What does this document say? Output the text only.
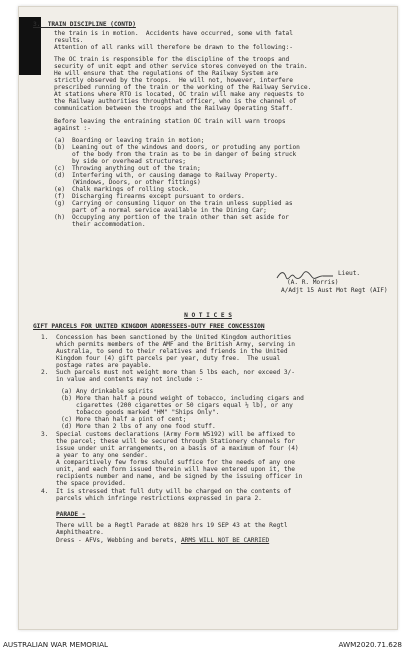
3.  TRAIN DISCIPLINE (CONTD)
the train is in motion.  Accidents have occurred, some with fatal
results.
Attention of all ranks will therefore be drawn to the following:-
The OC train is responsible for the discipline of the troops and
security of unit eqpt and other service stores conveyed on the train.
He will ensure that the regulations of the Railway System are
strictly observed by the troops.  He will not, however, interfere
prescribed running of the train or the working of the Railway Service.
At stations where RTO is located, OC train will make any requests to
the Railway authorities throughthat officer, who is the channel of
communication between the troops and the Railway Operating Staff.
Before leaving the entraining station OC train will warn troops
against :-
(a) Boarding or leaving train in motion;
(b) Leaning out of the windows and doors, or protuding any portion
of the body from the train as to be in danger of being struck
by side or overhead structures;
(c) Throwing anything out of the train;
(d) Interfering with, or causing damage to Railway Property.
(Windows, Doors, or other fittings)
(e) Chalk markings of rolling stock.
(f) Discharging firearms except pursuant to orders.
(g) Carrying or consuming liquor on the train unless supplied as
part of a normal service available in the Dining Car;
(h) Occupying any portion of the train other than set aside for
their accommodation.
Lieut.
(A. R. Morris)
A/Adjt 15 Aust Mot Regt (AIF)
N O T I C E S
GIFT PARCELS FOR UNITED KINGDOM ADDRESSEES-DUTY FREE CONCESSION
1. Concession has been sanctioned by the United Kingdom authorities
which permits members of the AMF and the British Army, serving in
Australia, to send to their relatives and friends in the United
Kingdom four (4) gift parcels per year, duty free.  The usual
postage rates are payable.
2. Such parcels must not weight more than 5 lbs each, nor exceed 3/-
in value and contents may not include :-
(a) Any drinkable spirits
(b) More than half a pound weight of tobacco, including cigars and
cigarettes (200 cigarettes or 50 cigars equal ½ lb), or any
tobacco goods marked "HM" "Ships Only".
(c) More than half a pint of cent;
(d) More than 2 lbs of any one food stuff.
3. Special customs declarations (Army Form W5192) will be affixed to
the parcel; these will be secured through Stationery channels for
issue under unit arrangements, on a basis of a maximum of four (4)
a year to any one sender.
A comparitively few forms should suffice for the needs of any one
unit, and each form issued therein will have entered upon it, the
recipients number and name, and be signed by the issuing officer in
the space provided.
4. It is stressed that full duty will be charged on the contents of
parcels which infringe restrictions expressed in para 2.
PARADE -
There will be a Regtl Parade at 0820 hrs 19 SEP 43 at the Regtl
Amphitheatre.
Dress - AFVs, Webbing and berets, ARMS WILL NOT BE CARRIED
AUSTRALIAN WAR MEMORIAL	AWM2020.71.628
